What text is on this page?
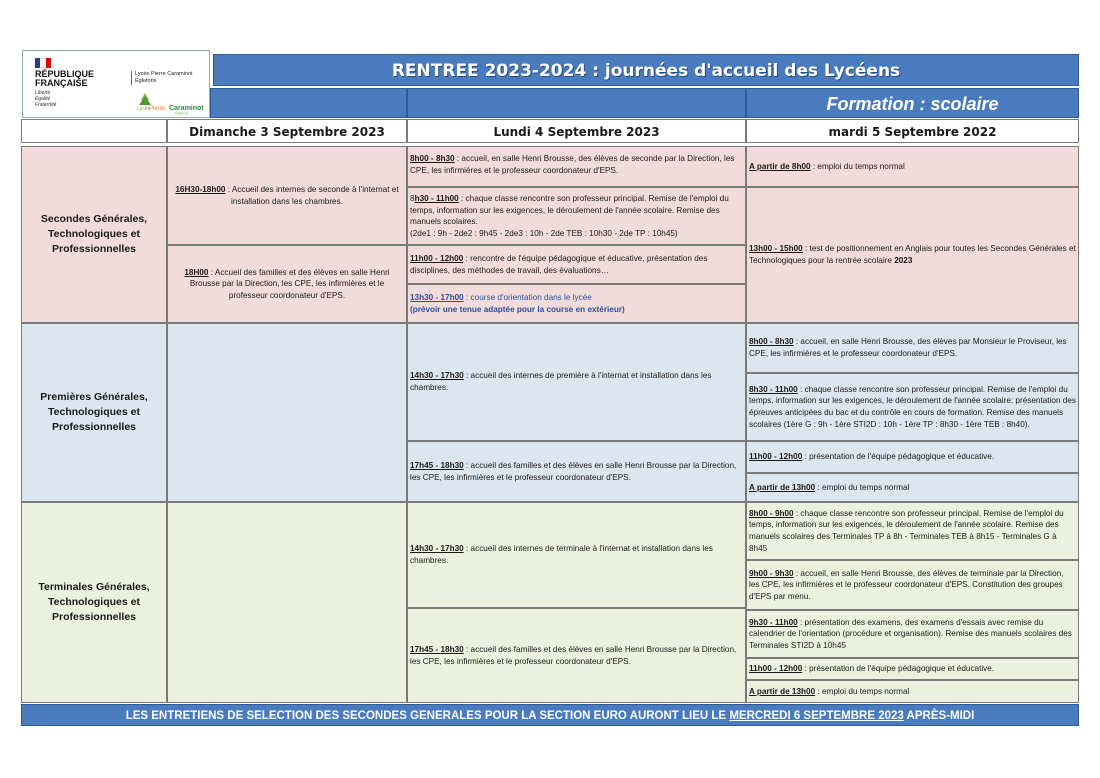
RÉPUBLIQUE
FRANÇAISE
Liberté
Égalité
Fraternité
Lycée Pierre Caraminot
Égletons
Lycée
Pierre Caraminot
Égletons
RENTREE 2023-2024 : journées d'accueil des Lycéens
Formation : scolaire
Dimanche 3 Septembre 2023	Lundi 4 Septembre 2023	mardi 5 Septembre 2022
Secondes Générales, Technologiques et Professionnelles
16H30-18h00 : Accueil des internes de seconde à l'internat et installation dans les chambres.
18H00 : Accueil des familles et des élèves en salle Henri Brousse par la Direction, les CPE, les infirmières et le professeur coordonateur d'EPS.
8h00 - 8h30 : accueil, en salle Henri Brousse, des élèves de seconde par la Direction, les CPE, les infirmières et le professeur coordonateur d'EPS.
8h30 - 11h00 : chaque classe rencontre son professeur principal. Remise de l'emploi du temps, information sur les exigences, le déroulement de l'année scolaire. Remise des manuels scolaires.
(2de1 : 9h - 2de2 : 9h45 - 2de3 : 10h - 2de TEB : 10h30 - 2de TP : 10h45)
11h00 - 12h00 : rencontre de l'équipe pédagogique et éducative, présentation des disciplines, des méthodes de travail, des évaluations…
13h30 - 17h00 : course d'orientation dans le lycée
(prévoir une tenue adaptée pour la course en extérieur)
A partir de 8h00 : emploi du temps normal
13h00 - 15h00 : test de positionnement en Anglais pour toutes les Secondes Générales et Technologiques pour la rentrée scolaire 2023
Premières Générales, Technologiques et Professionnelles
14h30 - 17h30 : accueil des internes de première à l'internat et installation dans les chambres.
17h45 - 18h30 : accueil des familles et des élèves en salle Henri Brousse par la Direction, les CPE, les infirmières et le professeur coordonateur d'EPS.
8h00 - 8h30 : accueil, en salle Henri Brousse, des élèves par Monsieur le Proviseur, les CPE, les infirmières et le professeur coordonateur d'EPS.
8h30 - 11h00 : chaque classe rencontre son professeur principal. Remise de l'emploi du temps, information sur les exigences, le déroulement de l'année scolaire: présentation des épreuves anticipées du bac et du contrôle en cours de formation. Remise des manuels scolaires (1ère G : 9h - 1ère STI2D : 10h - 1ère TP : 8h30 - 1ère TEB : 8h40).
11h00 - 12h00 : présentation de l'équipe pédagogique et éducative.
A partir de 13h00 : emploi du temps normal
Terminales Générales, Technologiques et Professionnelles
14h30 - 17h30 : accueil des internes de terminale à l'internat et installation dans les chambres.
17h45 - 18h30 : accueil des familles et des élèves en salle Henri Brousse par la Direction, les CPE, les infirmières et le professeur coordonateur d'EPS.
8h00 - 9h00 : chaque classe rencontre son professeur principal. Remise de l'emploi du temps, information sur les exigences, le déroulement de l'année scolaire. Remise des manuels scolaires des Terminales TP à 8h - Terminales TEB à 8h15 - Terminales G à 8h45
9h00 - 9h30 : accueil, en salle Henri Brousse, des élèves de terminale par la Direction, les CPE, les infirmières et le professeur coordonateur d'EPS. Constitution des groupes d'EPS par menu.
9h30 - 11h00 : présentation des examens, des examens d'essais avec remise du calendrier de l'orientation (procédure et organisation). Remise des manuels scolaires des Terminales STI2D à 10h45
11h00 - 12h00 : présentation de l'équipe pédagogique et éducative.
A partir de 13h00 : emploi du temps normal
LES ENTRETIENS DE SELECTION DES SECONDES GENERALES POUR LA SECTION EURO AURONT LIEU LE MERCREDI 6 SEPTEMBRE 2023 APRÈS-MIDI
